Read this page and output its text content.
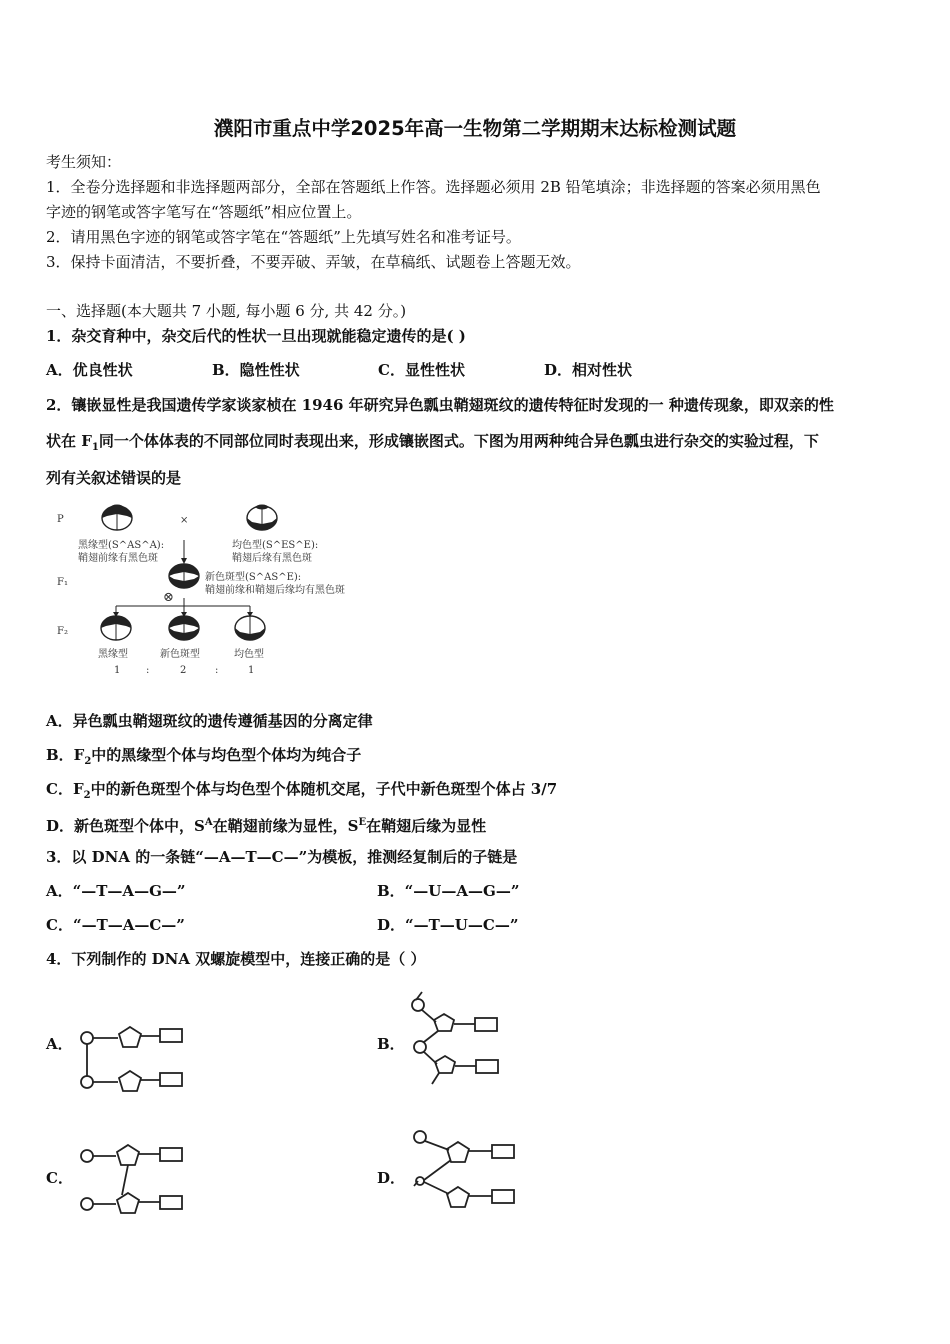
濮阳市重点中学2025年高一生物第二学期期末达标检测试题
考生须知：
1．全卷分选择题和非选择题两部分，全部在答题纸上作答。选择题必须用 2B 铅笔填涂；非选择题的答案必须用黑色
字迹的钢笔或答字笔写在“答题纸”相应位置上。
2．请用黑色字迹的钢笔或答字笔在“答题纸”上先填写姓名和准考证号。
3．保持卡面清洁，不要折叠，不要弄破、弄皱，在草稿纸、试题卷上答题无效。
一、选择题(本大题共 7 小题, 每小题 6 分, 共 42 分。)
1．杂交育种中，杂交后代的性状一旦出现就能稳定遗传的是( )
A．优良性状	B．隐性性状	C．显性性状	D．相对性状
2．镶嵌显性是我国遗传学家谈家桢在 1946 年研究异色瓢虫鞘翅斑纹的遗传特征时发现的一 种遗传现象，即双亲的性
状在 $F_1$同一个体体表的不同部位同时表现出来，形成镶嵌图式。下图为用两种纯合异色瓢虫进行杂交的实验过程，下
列有关叙述错误的是
P	×
F₁
F₂
⊗
黑缘型(S^AS^A):
鞘翅前缘有黑色斑
均色型(S^ES^E):
鞘翅后缘有黑色斑
新色斑型(S^AS^E):
鞘翅前缘和鞘翅后缘均有黑色斑
黑缘型	新色斑型	均色型
1	:	2	:	1
A．异色瓢虫鞘翅斑纹的遗传遵循基因的分离定律
B．$F_2$中的黑缘型个体与均色型个体均为纯合子
C．$F_2$中的新色斑型个体与均色型个体随机交尾，子代中新色斑型个体占 3/7
D．新色斑型个体中，$S^A$在鞘翅前缘为显性，$S^E$在鞘翅后缘为显性
3．以 DNA 的一条链“—A—T—C—”为模板，推测经复制后的子链是
A．“—T—A—G—”	B．“—U—A—G—”
C．“—T—A—C—”	D．“—T—U—C—”
4．下列制作的 DNA 双螺旋模型中，连接正确的是（ ）
A．	B．
C．	D．
